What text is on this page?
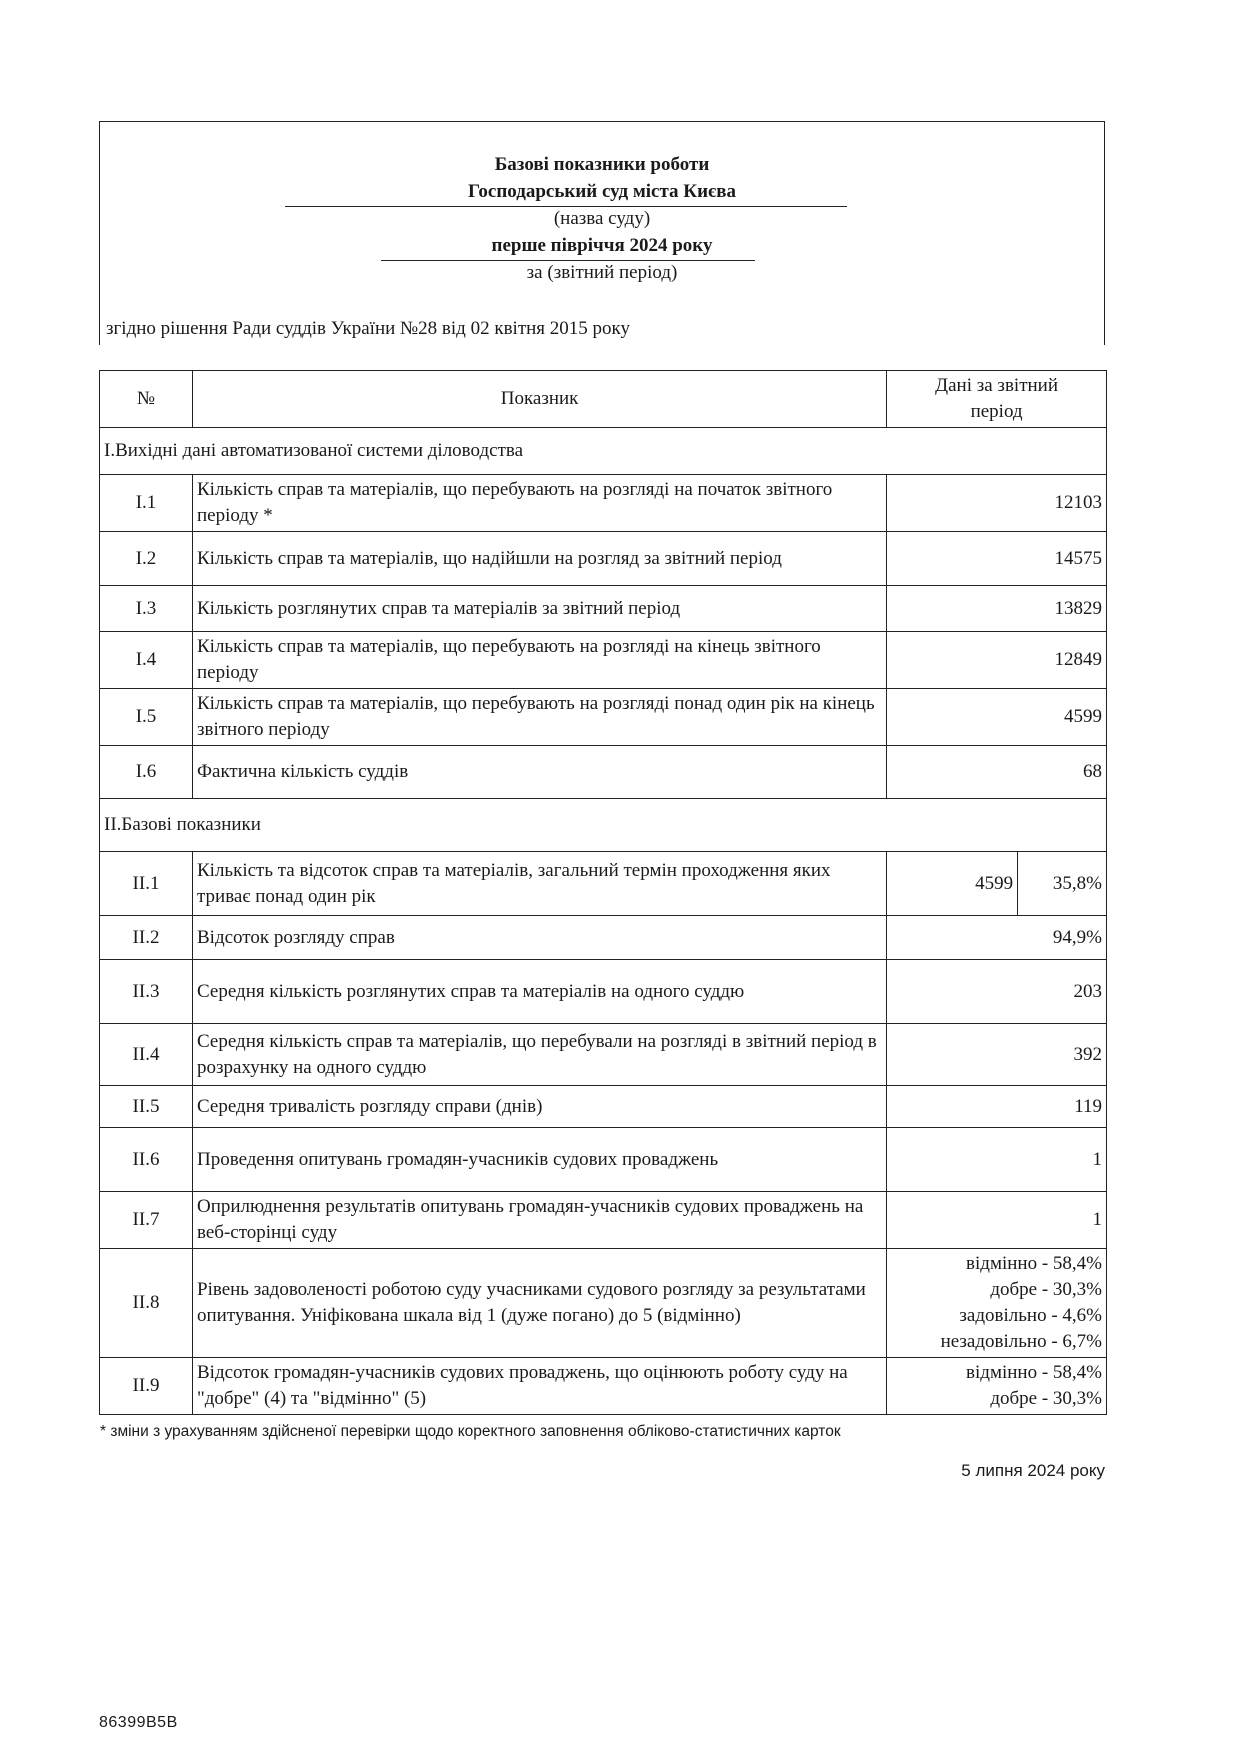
Базові показники роботи
Господарський суд міста Києва
(назва суду)
перше півріччя 2024 року
за (звітний період)
згідно рішення Ради суддів України №28 від 02 квітня 2015 року
№	Показник	Дані за звітний
період	

I.Вихідні дані автоматизованої системи діловодства			
I.1	Кількість справ та матеріалів, що перебувають на розгляді на початок звітного періоду *	12103	
I.2	Кількість справ та матеріалів, що надійшли на розгляд за звітний період	14575	
I.3	Кількість розглянутих справ та матеріалів за звітний період	13829	
I.4	Кількість справ та матеріалів, що перебувають на розгляді на кінець звітного періоду	12849	
I.5	Кількість справ та матеріалів, що перебувають на розгляді понад один рік на кінець звітного періоду	4599	
I.6	Фактична кількість суддів	68	
II.Базові показники			
II.1	Кількість та відсоток справ та матеріалів, загальний термін проходження яких триває понад один рік	4599	35,8%
II.2	Відсоток розгляду справ	94,9%	
II.3	Середня кількість розглянутих справ та матеріалів на одного суддю	203	
II.4	Середня кількість справ та матеріалів, що перебували на розгляді в звітний період в розрахунку на одного суддю	392	
II.5	Середня тривалість розгляду справи (днів)	119	
II.6	Проведення опитувань громадян-учасників судових проваджень	1	
II.7	Оприлюднення результатів опитувань громадян-учасників судових проваджень на веб-сторінці суду	1	
II.8	Рівень задоволеності роботою суду учасниками судового розгляду за результатами опитування. Уніфікована шкала від 1 (дуже погано) до 5 (відмінно)	відмінно - 58,4%
добре - 30,3%
задовільно - 4,6%
незадовільно - 6,7%	

II.9	Відсоток громадян-учасників судових проваджень, що оцінюють роботу суду на "добре" (4) та "відмінно" (5)	відмінно - 58,4%
добре - 30,3%	
* зміни з урахуванням здійсненої перевірки щодо коректного заповнення обліково-статистичних карток
5 липня 2024 року
86399B5B
